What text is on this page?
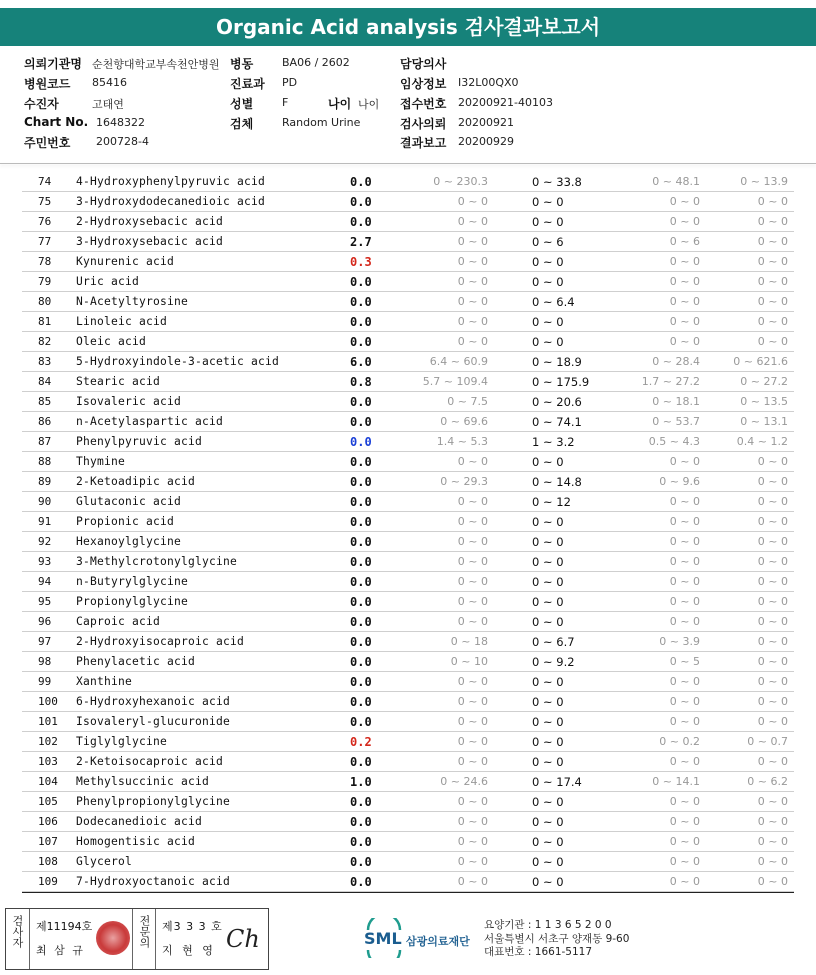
Organic Acid analysis 검사결과보고서
의뢰기관명 순천향대학교부속천안병원 병동	BA06 / 2602	담당의사
병원코드 85416	진료과 PD	임상정보 I32L00QX0
수진자	고태연	성별	F	나이 나이 접수번호 20200921-40103
Chart No. 1648322	검체	Random Urine	검사의뢰 20200921
주민번호 200728-4	결과보고 20200929
74 4-Hydroxyphenylpyruvic acid	0.0	0 ~ 230.3	0 ~ 33.8	0 ~ 48.1	0 ~ 13.9
75 3-Hydroxydodecanedioic acid	0.0	0 ~ 0	0 ~ 0	0 ~ 0	0 ~ 0
76 2-Hydroxysebacic acid	0.0	0 ~ 0	0 ~ 0	0 ~ 0	0 ~ 0
77 3-Hydroxysebacic acid	2.7	0 ~ 0	0 ~ 6	0 ~ 6	0 ~ 0
78 Kynurenic acid	0.3	0 ~ 0	0 ~ 0	0 ~ 0	0 ~ 0
79 Uric acid	0.0	0 ~ 0	0 ~ 0	0 ~ 0	0 ~ 0
80 N-Acetyltyrosine	0.0	0 ~ 0	0 ~ 6.4	0 ~ 0	0 ~ 0
81 Linoleic acid	0.0	0 ~ 0	0 ~ 0	0 ~ 0	0 ~ 0
82 Oleic acid	0.0	0 ~ 0	0 ~ 0	0 ~ 0	0 ~ 0
83 5-Hydroxyindole-3-acetic acid	6.0	6.4 ~ 60.9	0 ~ 18.9	0 ~ 28.4	0 ~ 621.6
84 Stearic acid	0.8	5.7 ~ 109.4	0 ~ 175.9	1.7 ~ 27.2	0 ~ 27.2
85 Isovaleric acid	0.0	0 ~ 7.5	0 ~ 20.6	0 ~ 18.1	0 ~ 13.5
86 n-Acetylaspartic acid	0.0	0 ~ 69.6	0 ~ 74.1	0 ~ 53.7	0 ~ 13.1
87 Phenylpyruvic acid	0.0	1.4 ~ 5.3	1 ~ 3.2	0.5 ~ 4.3	0.4 ~ 1.2
88 Thymine	0.0	0 ~ 0	0 ~ 0	0 ~ 0	0 ~ 0
89 2-Ketoadipic acid	0.0	0 ~ 29.3	0 ~ 14.8	0 ~ 9.6	0 ~ 0
90 Glutaconic acid	0.0	0 ~ 0	0 ~ 12	0 ~ 0	0 ~ 0
91 Propionic acid	0.0	0 ~ 0	0 ~ 0	0 ~ 0	0 ~ 0
92 Hexanoylglycine	0.0	0 ~ 0	0 ~ 0	0 ~ 0	0 ~ 0
93 3-Methylcrotonylglycine	0.0	0 ~ 0	0 ~ 0	0 ~ 0	0 ~ 0
94 n-Butyrylglycine	0.0	0 ~ 0	0 ~ 0	0 ~ 0	0 ~ 0
95 Propionylglycine	0.0	0 ~ 0	0 ~ 0	0 ~ 0	0 ~ 0
96 Caproic acid	0.0	0 ~ 0	0 ~ 0	0 ~ 0	0 ~ 0
97 2-Hydroxyisocaproic acid	0.0	0 ~ 18	0 ~ 6.7	0 ~ 3.9	0 ~ 0
98 Phenylacetic acid	0.0	0 ~ 10	0 ~ 9.2	0 ~ 5	0 ~ 0
99 Xanthine	0.0	0 ~ 0	0 ~ 0	0 ~ 0	0 ~ 0
100 6-Hydroxyhexanoic acid	0.0	0 ~ 0	0 ~ 0	0 ~ 0	0 ~ 0
101 Isovaleryl-glucuronide	0.0	0 ~ 0	0 ~ 0	0 ~ 0	0 ~ 0
102 Tiglylglycine	0.2	0 ~ 0	0 ~ 0	0 ~ 0.2	0 ~ 0.7
103 2-Ketoisocaproic acid	0.0	0 ~ 0	0 ~ 0	0 ~ 0	0 ~ 0
104 Methylsuccinic acid	1.0	0 ~ 24.6	0 ~ 17.4	0 ~ 14.1	0 ~ 6.2
105 Phenylpropionylglycine	0.0	0 ~ 0	0 ~ 0	0 ~ 0	0 ~ 0
106 Dodecanedioic acid	0.0	0 ~ 0	0 ~ 0	0 ~ 0	0 ~ 0
107 Homogentisic acid	0.0	0 ~ 0	0 ~ 0	0 ~ 0	0 ~ 0
108 Glycerol	0.0	0 ~ 0	0 ~ 0	0 ~ 0	0 ~ 0
109 7-Hydroxyoctanoic acid	0.0	0 ~ 0	0 ~ 0	0 ~ 0	0 ~ 0
검사자 제11194호
최 삼 규
전문의 제3 3 3 호
지 현 영 Ch	SML 삼광의료재단
요양기관 : 1 1 3 6 5 2 0 0
서울특별시 서초구 양재동 9-60
대표번호 : 1661-5117
